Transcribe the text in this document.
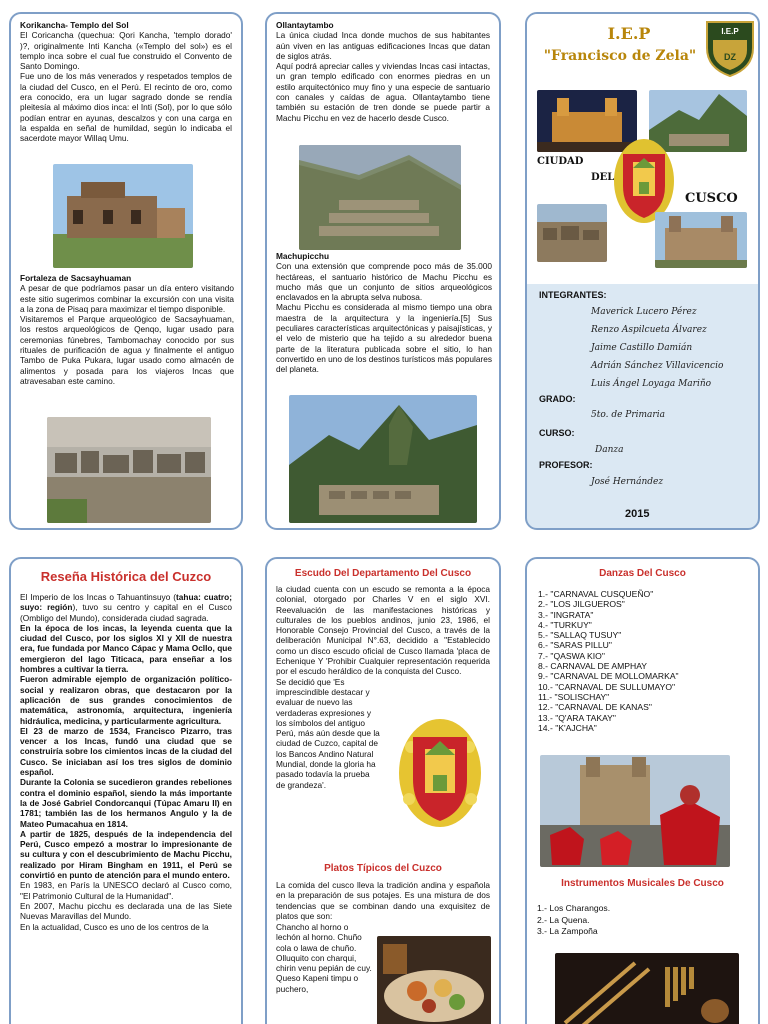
Korikancha- Templo del Sol
El Coricancha (quechua: Qori Kancha, 'templo dorado' )?, originalmente Inti Kancha («Templo del sol») es el templo inca sobre el cual fue construido el Convento de Santo Domingo.
Fue uno de los más venerados y respetados templos de la ciudad del Cusco, en el Perú. El recinto de oro, como era conocido, era un lugar sagrado donde se rendía pleitesía al máximo dios inca: el Inti (Sol), por lo que sólo podían entrar en ayunas, descalzos y con una carga en la espalda en señal de humildad, según lo indicaba el sacerdote mayor Willaq Umu.
Fortaleza de Sacsayhuaman
A pesar de que podríamos pasar un día entero visitando este sitio sugerimos combinar la excursión con una visita a la zona de Pisaq para maximizar el tiempo disponible.
Visitaremos el Parque arqueológico de Sacsayhuaman, los restos arqueológicos de Qenqo, lugar usado para ceremonias fúnebres, Tambomachay conocido por sus rituales de purificación de agua y finalmente el antiguo Tambo de Puka Pukara, lugar usado como almacén de alimentos y posada para los viajeros Incas que atravesaban este camino.
Ollantaytambo
La única ciudad Inca donde muchos de sus habitantes aún viven en las antiguas edificaciones Incas que datan de siglos atrás.
Aquí podrá apreciar calles y viviendas Incas casi intactas, un gran templo edificado con enormes piedras en un estilo arquitectónico muy fino y una especie de santuario con canales y caídas de agua. Ollantaytambo tiene también su estación de tren donde se puede partir a Machu Picchu en vez de hacerlo desde Cusco.
Machupicchu
Con una extensión que comprende poco más de 35.000 hectáreas, el santuario histórico de Machu Picchu es mucho más que un conjunto de sitios arqueológicos enclavados en la abrupta selva nubosa.
Machu Picchu es considerada al mismo tiempo una obra maestra de la arquitectura y la ingeniería.[5] Sus peculiares características arquitectónicas y paisajísticas, y el velo de misterio que ha tejido a su alrededor buena parte de la literatura publicada sobre el sitio, lo han convertido en uno de los destinos turísticos más populares del planeta.
I.E.P
"Francisco de Zela"
I.E.P
DZ
CIUDAD
DEL
CUSCO
INTEGRANTES:
Maverick Lucero Pérez
Renzo Aspilcueta Álvarez
Jaime Castillo Damián
Adrián Sánchez Villavicencio
Luis Ángel Loyaga Mariño
GRADO:
5to. de Primaria
CURSO:
Danza
PROFESOR:
José Hernández
2015
Reseña Histórica del Cuzco
El Imperio de los Incas o Tahuantinsuyo (tahua: cuatro; suyo: región), tuvo su centro y capital en el Cusco (Ombligo del Mundo), considerada ciudad sagrada.
En la época de los incas, la leyenda cuenta que la ciudad del Cusco, por los siglos XI y XII de nuestra era, fue fundada por Manco Cápac y Mama Ocllo, que emergieron del lago Titicaca, para enseñar a los hombres a cultivar la tierra.
Fueron admirable ejemplo de organización político-social y realizaron obras, que destacaron por la aplicación de sus grandes conocimientos de matemática, astronomía, arquitectura, ingeniería hidráulica, medicina, y particularmente agricultura.
El 23 de marzo de 1534, Francisco Pizarro, tras vencer a los Incas, fundó una ciudad que se construiría sobre los cimientos incas de la ciudad del Cusco. Se iniciaban así los tres siglos de dominio español.
Durante la Colonia se sucedieron grandes rebeliones contra el dominio español, siendo la más importante la de José Gabriel Condorcanqui (Túpac Amaru II) en 1781; también las de los hermanos Angulo y la de Mateo Pumacahua en 1814.
A partir de 1825, después de la independencia del Perú, Cusco empezó a mostrar lo impresionante de su cultura y con el descubrimiento de Machu Picchu, realizado por Hiram Bingham en 1911, el Perú se convirtió en punto de atención para el mundo entero.
En 1983, en París la UNESCO declaró al Cusco como, "El Patrimonio Cultural de la Humanidad".
En 2007, Machu picchu es declarada una de las Siete Nuevas Maravillas del Mundo.
En la actualidad, Cusco es uno de los centros de la
Escudo Del Departamento Del Cusco
la ciudad cuenta con un escudo se remonta a la época colonial, otorgado por Charles V en el siglo XVI. Reevaluación de las manifestaciones históricas y culturales de los pueblos andinos, junio 23, 1986, el Honorable Consejo Provincial del Cusco, a través de la deliberación Municipal N°.63, decidido a "Establecido como un disco escudo oficial de Cusco llamada 'placa de Echenique Y 'Prohibir Cualquier representación requerida por el escudo heráldico de la conquista del Cusco.
Se decidió que 'Es imprescindible destacar y evaluar de nuevo las verdaderas expresiones y los símbolos del antiguo Perú, más aún desde que la ciudad de Cuzco, capital de los Bancos Andino Natural Mundial, donde la gloria ha pasado todavía la prueba de grandeza'.
Platos Típicos del Cuzco
La comida del cusco lleva la tradición andina y española en la preparación de sus potajes. Es una mistura de dos tendencias que se combinan dando una exquisitez de platos que son:
Chancho al horno o lechón al horno. Chuño cola o lawa de chuño. Olluquito con charqui, chirin venu pepián de cuy. Queso Kapeni timpu o puchero,
Danzas Del Cusco
1.- "CARNAVAL CUSQUEÑO"
2.- "LOS JILGUEROS"
3.- "INGRATA"
4.- "TURKUY"
5.- "SALLAQ TUSUY"
6.- "SARAS PILLU"
7.- "QASWA KIO"
8.- CARNAVAL DE AMPHAY
9.- "CARNAVAL DE MOLLOMARKA"
10.- "CARNAVAL DE SULLUMAYO"
11.- "SOLISCHAY"
12.- "CARNAVAL DE KANAS"
13.- "Q'ARA TAKAY"
14.- "K'AJCHA"
Instrumentos Musicales De Cusco
1.- Los Charangos.
2.- La Quena.
3.- La Zampoña
